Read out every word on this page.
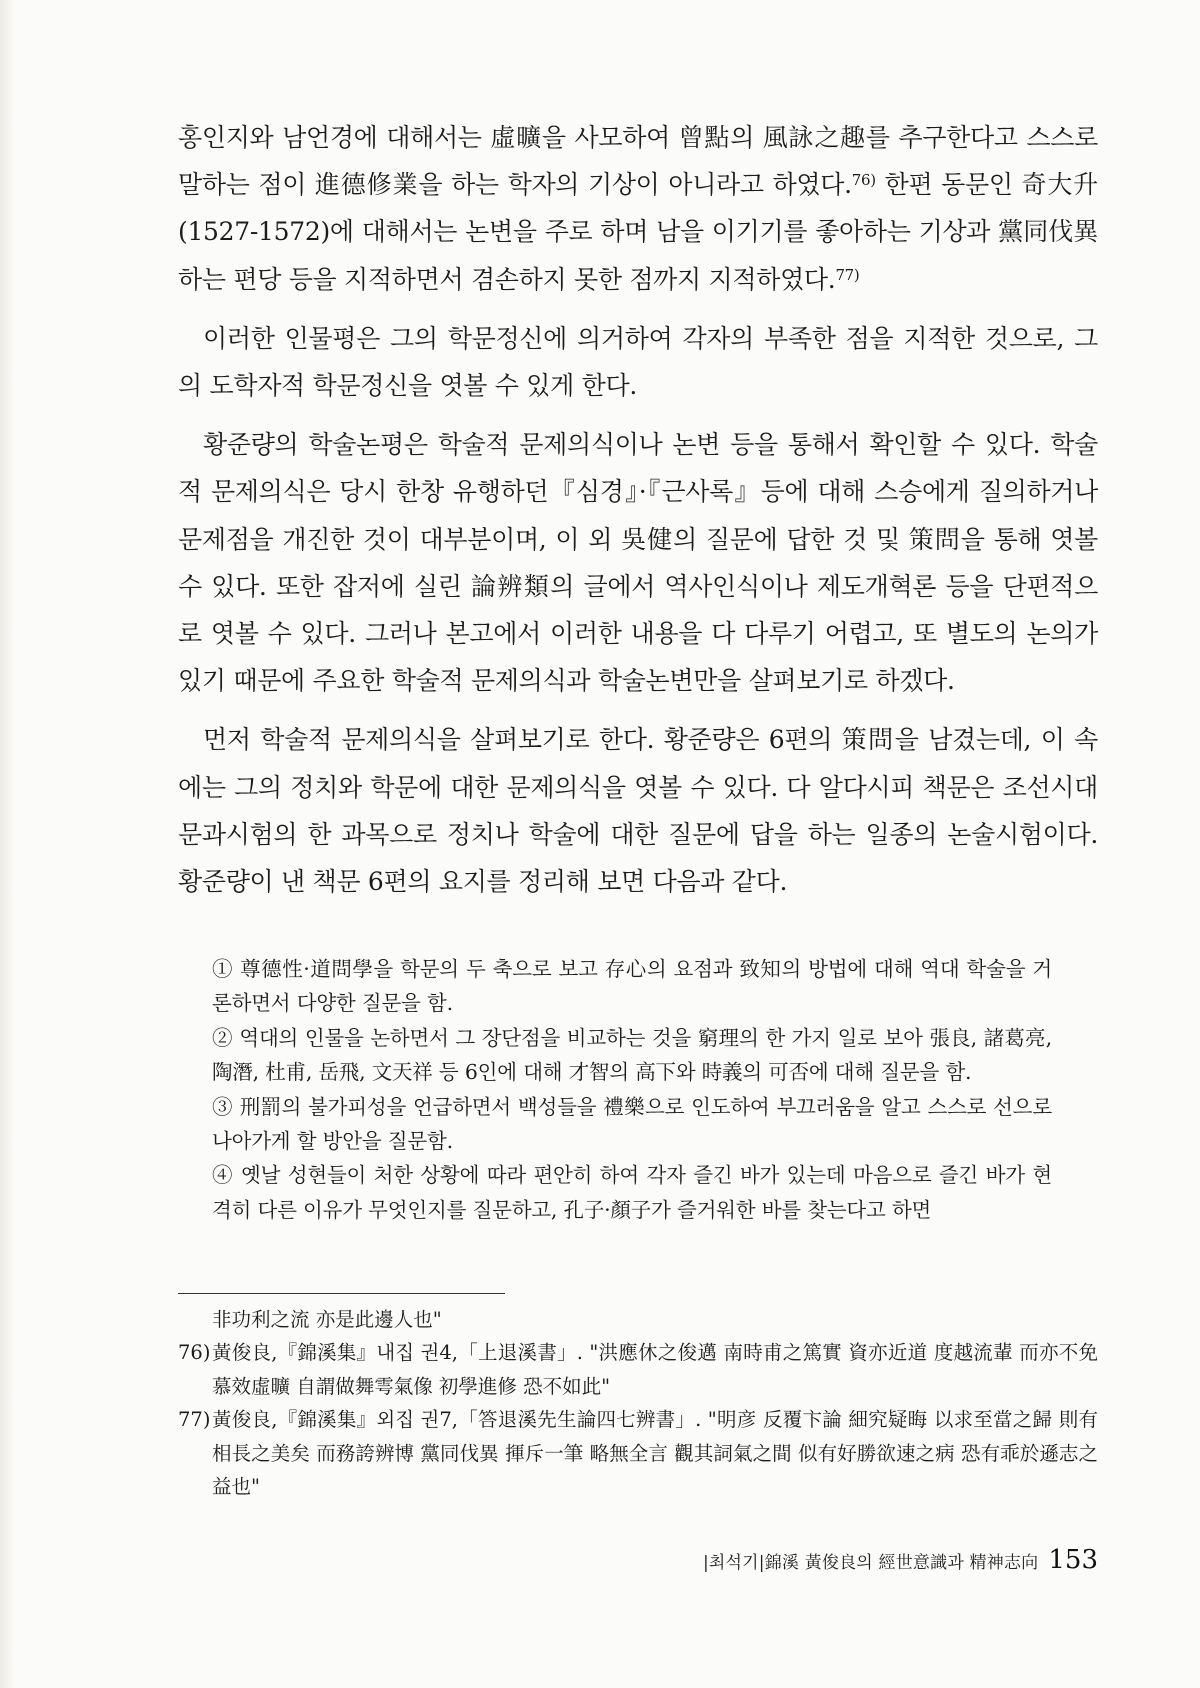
홍인지와 남언경에 대해서는 虛曠을 사모하여 曾點의 風詠之趣를 추구한다고 스스로 말하는 점이 進德修業을 하는 학자의 기상이 아니라고 하였다.$^{76)}$ 한편 동문인 奇大升(1527-1572)에 대해서는 논변을 주로 하며 남을 이기기를 좋아하는 기상과 黨同伐異하는 편당 등을 지적하면서 겸손하지 못한 점까지 지적하였다.$^{77)}$

이러한 인물평은 그의 학문정신에 의거하여 각자의 부족한 점을 지적한 것으로, 그의 도학자적 학문정신을 엿볼 수 있게 한다.

황준량의 학술논평은 학술적 문제의식이나 논변 등을 통해서 확인할 수 있다. 학술적 문제의식은 당시 한창 유행하던『심경』·『근사록』등에 대해 스승에게 질의하거나 문제점을 개진한 것이 대부분이며, 이 외 吳健의 질문에 답한 것 및 策問을 통해 엿볼 수 있다. 또한 잡저에 실린 論辨類의 글에서 역사인식이나 제도개혁론 등을 단편적으로 엿볼 수 있다. 그러나 본고에서 이러한 내용을 다 다루기 어렵고, 또 별도의 논의가 있기 때문에 주요한 학술적 문제의식과 학술논변만을 살펴보기로 하겠다.

먼저 학술적 문제의식을 살펴보기로 한다. 황준량은 6편의 策問을 남겼는데, 이 속에는 그의 정치와 학문에 대한 문제의식을 엿볼 수 있다. 다 알다시피 책문은 조선시대 문과시험의 한 과목으로 정치나 학술에 대한 질문에 답을 하는 일종의 논술시험이다. 황준량이 낸 책문 6편의 요지를 정리해 보면 다음과 같다.

① 尊德性·道問學을 학문의 두 축으로 보고 存心의 요점과 致知의 방법에 대해 역대 학술을 거론하면서 다양한 질문을 함.

② 역대의 인물을 논하면서 그 장단점을 비교하는 것을 窮理의 한 가지 일로 보아 張良, 諸葛亮, 陶潛, 杜甫, 岳飛, 文天祥 등 6인에 대해 才智의 高下와 時義의 可否에 대해 질문을 함.

③ 刑罰의 불가피성을 언급하면서 백성들을 禮樂으로 인도하여 부끄러움을 알고 스스로 선으로 나아가게 할 방안을 질문함.

④ 옛날 성현들이 처한 상황에 따라 편안히 하여 각자 즐긴 바가 있는데 마음으로 즐긴 바가 현격히 다른 이유가 무엇인지를 질문하고, 孔子·顏子가 즐거워한 바를 찾는다고 하면

非功利之流 亦是此邊人也"

76) 黃俊良,『錦溪集』내집 권4,「上退溪書」. "洪應休之俊邁 南時甫之篤實 資亦近道 度越流輩 而亦不免慕效虛曠 自謂做舞雩氣像 初學進修 恐不如此"
77) 黃俊良,『錦溪集』외집 권7,「答退溪先生論四七辨書」. "明彦 反覆卞論 細究疑晦 以求至當之歸 則有相長之美矣 而務誇辨博 黨同伐異 揮斥一筆 略無全言 觀其詞氣之間 似有好勝欲速之病 恐有乖於遜志之益也"
|최석기|錦溪 黃俊良의 經世意識과 精神志向 153
